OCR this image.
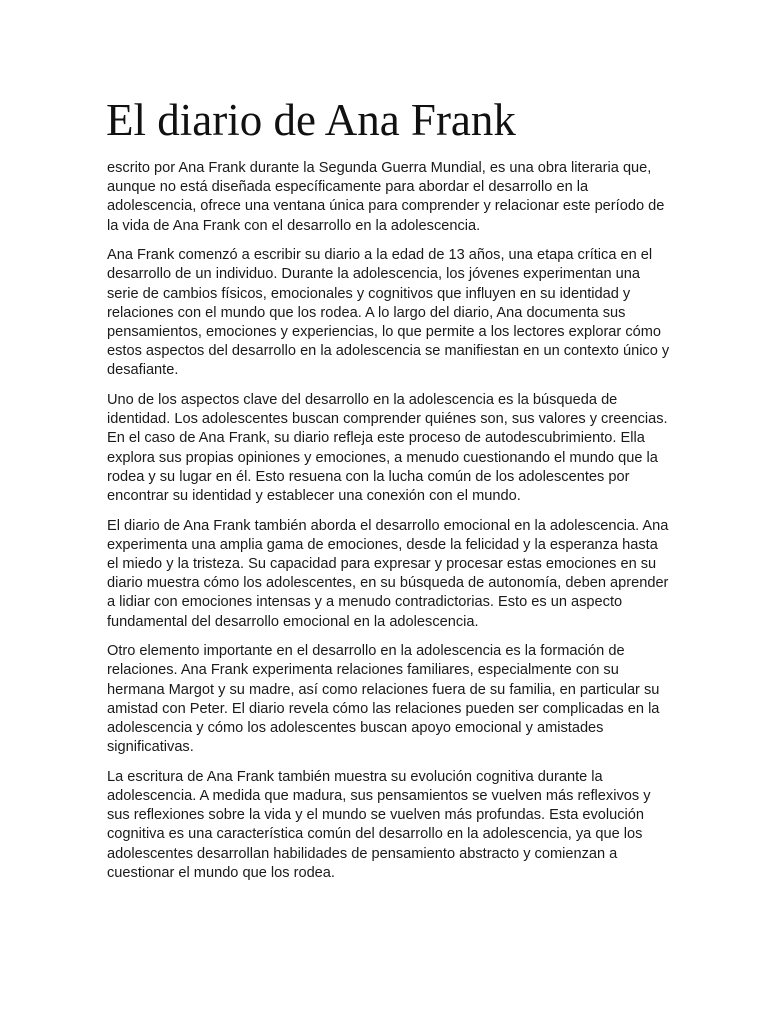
El diario de Ana Frank

escrito por Ana Frank durante la Segunda Guerra Mundial, es una obra literaria que, aunque no está diseñada específicamente para abordar el desarrollo en la adolescencia, ofrece una ventana única para comprender y relacionar este período de la vida de Ana Frank con el desarrollo en la adolescencia.

Ana Frank comenzó a escribir su diario a la edad de 13 años, una etapa crítica en el desarrollo de un individuo. Durante la adolescencia, los jóvenes experimentan una serie de cambios físicos, emocionales y cognitivos que influyen en su identidad y relaciones con el mundo que los rodea. A lo largo del diario, Ana documenta sus pensamientos, emociones y experiencias, lo que permite a los lectores explorar cómo estos aspectos del desarrollo en la adolescencia se manifiestan en un contexto único y desafiante.

Uno de los aspectos clave del desarrollo en la adolescencia es la búsqueda de identidad. Los adolescentes buscan comprender quiénes son, sus valores y creencias. En el caso de Ana Frank, su diario refleja este proceso de autodescubrimiento. Ella explora sus propias opiniones y emociones, a menudo cuestionando el mundo que la rodea y su lugar en él. Esto resuena con la lucha común de los adolescentes por encontrar su identidad y establecer una conexión con el mundo.

El diario de Ana Frank también aborda el desarrollo emocional en la adolescencia. Ana experimenta una amplia gama de emociones, desde la felicidad y la esperanza hasta el miedo y la tristeza. Su capacidad para expresar y procesar estas emociones en su diario muestra cómo los adolescentes, en su búsqueda de autonomía, deben aprender a lidiar con emociones intensas y a menudo contradictorias. Esto es un aspecto fundamental del desarrollo emocional en la adolescencia.

Otro elemento importante en el desarrollo en la adolescencia es la formación de relaciones. Ana Frank experimenta relaciones familiares, especialmente con su hermana Margot y su madre, así como relaciones fuera de su familia, en particular su amistad con Peter. El diario revela cómo las relaciones pueden ser complicadas en la adolescencia y cómo los adolescentes buscan apoyo emocional y amistades significativas.

La escritura de Ana Frank también muestra su evolución cognitiva durante la adolescencia. A medida que madura, sus pensamientos se vuelven más reflexivos y sus reflexiones sobre la vida y el mundo se vuelven más profundas. Esta evolución cognitiva es una característica común del desarrollo en la adolescencia, ya que los adolescentes desarrollan habilidades de pensamiento abstracto y comienzan a cuestionar el mundo que los rodea.
